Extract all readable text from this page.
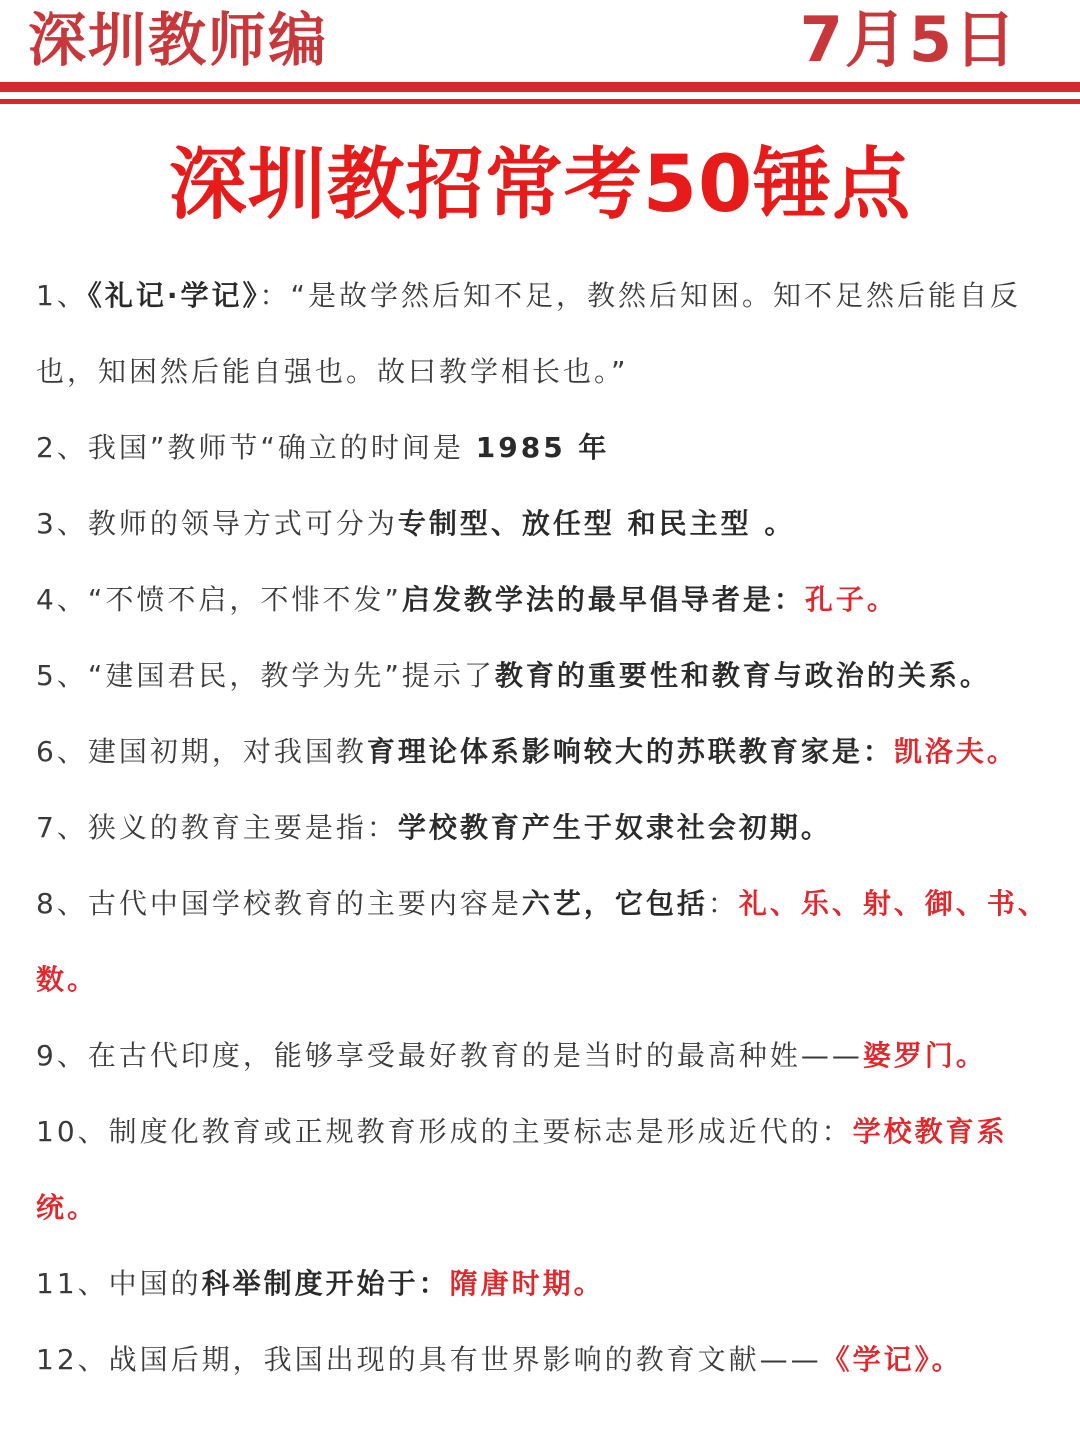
深圳教师编	7月5日
深圳教招常考50锤点

1、《礼记·学记》：“是故学然后知不足，教然后知困。知不足然后能自反也，知困然后能自强也。故曰教学相长也。”

2、我国”教师节“确立的时间是 1985 年

3、教师的领导方式可分为专制型、放任型 和民主型 。

4、“不愤不启，不悱不发”启发教学法的最早倡导者是：孔子。

5、“建国君民，教学为先”提示了教育的重要性和教育与政治的关系。

6、建国初期，对我国教育理论体系影响较大的苏联教育家是：凯洛夫。

7、狭义的教育主要是指：学校教育产生于奴隶社会初期。

8、古代中国学校教育的主要内容是六艺，它包括：礼、乐、射、御、书、数。

9、在古代印度，能够享受最好教育的是当时的最高种姓——婆罗门。

10、制度化教育或正规教育形成的主要标志是形成近代的：学校教育系统。

11、中国的科举制度开始于：隋唐时期。

12、战国后期，我国出现的具有世界影响的教育文献——《学记》。
